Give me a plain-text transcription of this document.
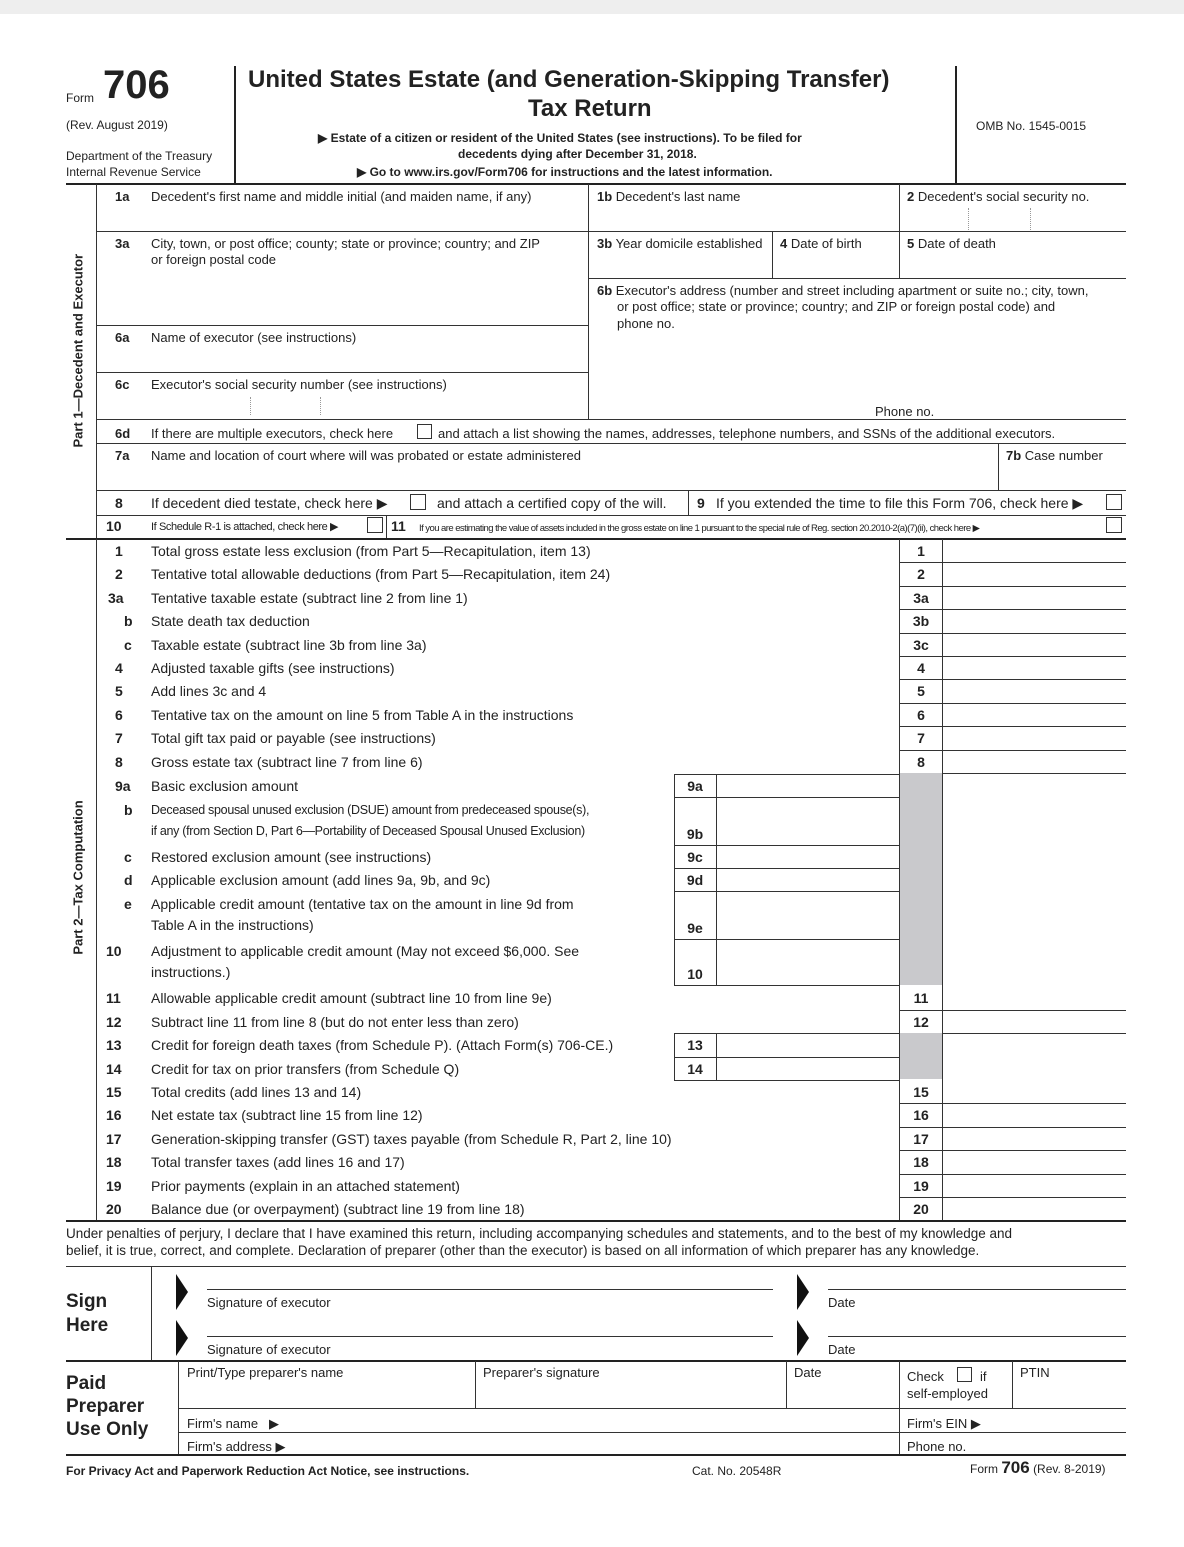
Form 706
(Rev. August 2019)
Department of the Treasury
Internal Revenue Service
United States Estate (and Generation-Skipping Transfer)
Tax Return
▶ Estate of a citizen or resident of the United States (see instructions). To be filed for
decedents dying after December 31, 2018.
▶ Go to www.irs.gov/Form706 for instructions and the latest information.
OMB No. 1545-0015
Part 1—Decedent and Executor
1a Decedent's first name and middle initial (and maiden name, if any)	1b Decedent's last name	2 Decedent's social security no.
3a City, town, or post office; county; state or province; country; and ZIP
or foreign postal code
3b Year domicile established 4 Date of birth	5 Date of death
6b Executor's address (number and street including apartment or suite no.; city, town,
or post office; state or province; country; and ZIP or foreign postal code) and
phone no.
Phone no.
6a Name of executor (see instructions)
6c Executor's social security number (see instructions)
6d If there are multiple executors, check here	and attach a list showing the names, addresses, telephone numbers, and SSNs of the additional executors.
7a Name and location of court where will was probated or estate administered	7b Case number
8 If decedent died testate, check here ▶	and attach a certified copy of the will. 9 If you extended the time to file this Form 706, check here ▶
10	If Schedule R-1 is attached, check here ▶	11 If you are estimating the value of assets included in the gross estate on line 1 pursuant to the special rule of Reg. section 20.2010-2(a)(7)(ii), check here ▶
Part 2—Tax Computation
1 Total gross estate less exclusion (from Part 5—Recapitulation, item 13)	1
2 Tentative total allowable deductions (from Part 5—Recapitulation, item 24)	2
3a Tentative taxable estate (subtract line 2 from line 1)	3a
b State death tax deduction	3b
c Taxable estate (subtract line 3b from line 3a)	3c
4 Adjusted taxable gifts (see instructions)	4
5 Add lines 3c and 4	5
6 Tentative tax on the amount on line 5 from Table A in the instructions	6
7 Total gift tax paid or payable (see instructions)	7
8 Gross estate tax (subtract line 7 from line 6)	8
9a Basic exclusion amount	9a
b Deceased spousal unused exclusion (DSUE) amount from predeceased spouse(s),
if any (from Section D, Part 6—Portability of Deceased Spousal Unused Exclusion)	9b
c Restored exclusion amount (see instructions)	9c
d Applicable exclusion amount (add lines 9a, 9b, and 9c)	9d
e Applicable credit amount (tentative tax on the amount in line 9d from
Table A in the instructions)	9e
10 Adjustment to applicable credit amount (May not exceed $6,000. See
instructions.)	10
11 Allowable applicable credit amount (subtract line 10 from line 9e)	11
12 Subtract line 11 from line 8 (but do not enter less than zero)	12
13 Credit for foreign death taxes (from Schedule P). (Attach Form(s) 706-CE.)	13
14 Credit for tax on prior transfers (from Schedule Q)	14
15 Total credits (add lines 13 and 14)	15
16 Net estate tax (subtract line 15 from line 12)	16
17 Generation-skipping transfer (GST) taxes payable (from Schedule R, Part 2, line 10)	17
18 Total transfer taxes (add lines 16 and 17)	18
19 Prior payments (explain in an attached statement)	19
20 Balance due (or overpayment) (subtract line 19 from line 18)	20
Under penalties of perjury, I declare that I have examined this return, including accompanying schedules and statements, and to the best of my knowledge and
belief, it is true, correct, and complete. Declaration of preparer (other than the executor) is based on all information of which preparer has any knowledge.
Sign
Here
Signature of executor	Date
Signature of executor	Date
Paid
Preparer
Use Only
Print/Type preparer's name	Preparer's signature	Date	Check	if
self-employed
PTIN
Firm's name ▶	Firm's EIN ▶
Firm's address ▶	Phone no.
For Privacy Act and Paperwork Reduction Act Notice, see instructions.	Cat. No. 20548R	Form 706 (Rev. 8-2019)
